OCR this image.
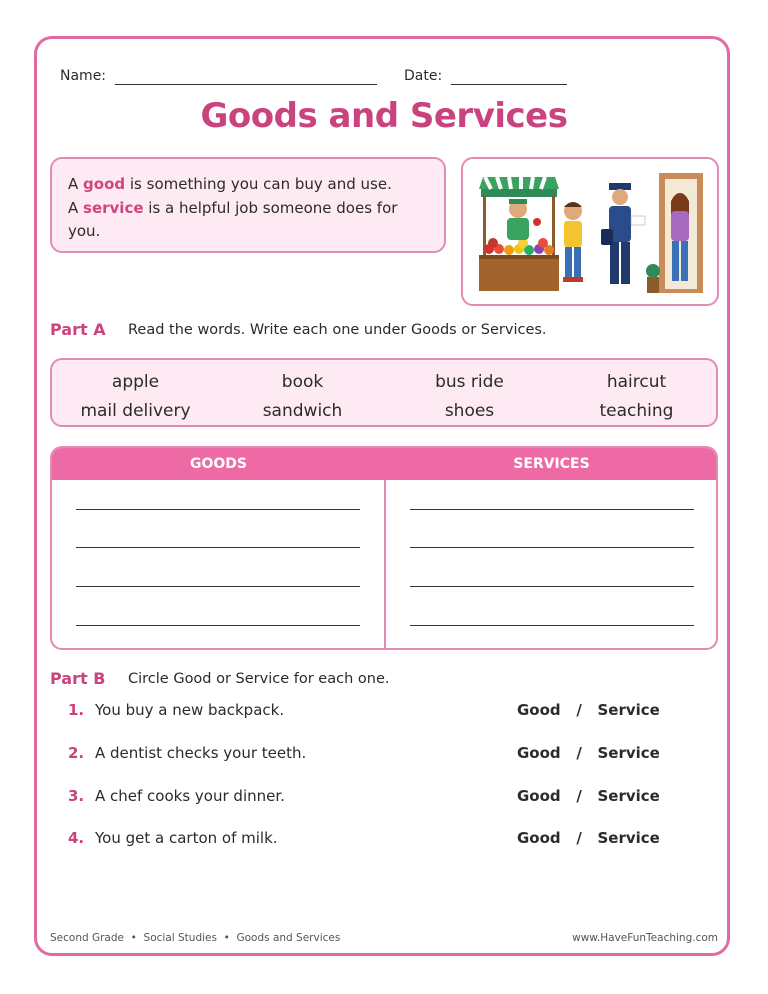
Name:	Date:
Goods and Services
A good is something you can buy and use.
A service is a helpful job someone does for you.
Part A Read the words. Write each one under Goods or Services.
apple	book	bus ride	haircut
mail delivery	sandwich	shoes	teaching
GOODS	SERVICES
Part B Circle Good or Service for each one.
1. You buy a new backpack.	Good / Service
2. A dentist checks your teeth.	Good / Service
3. A chef cooks your dinner.	Good / Service
4. You get a carton of milk.	Good / Service
Second Grade  •  Social Studies  •  Goods and Services	www.HaveFunTeaching.com
